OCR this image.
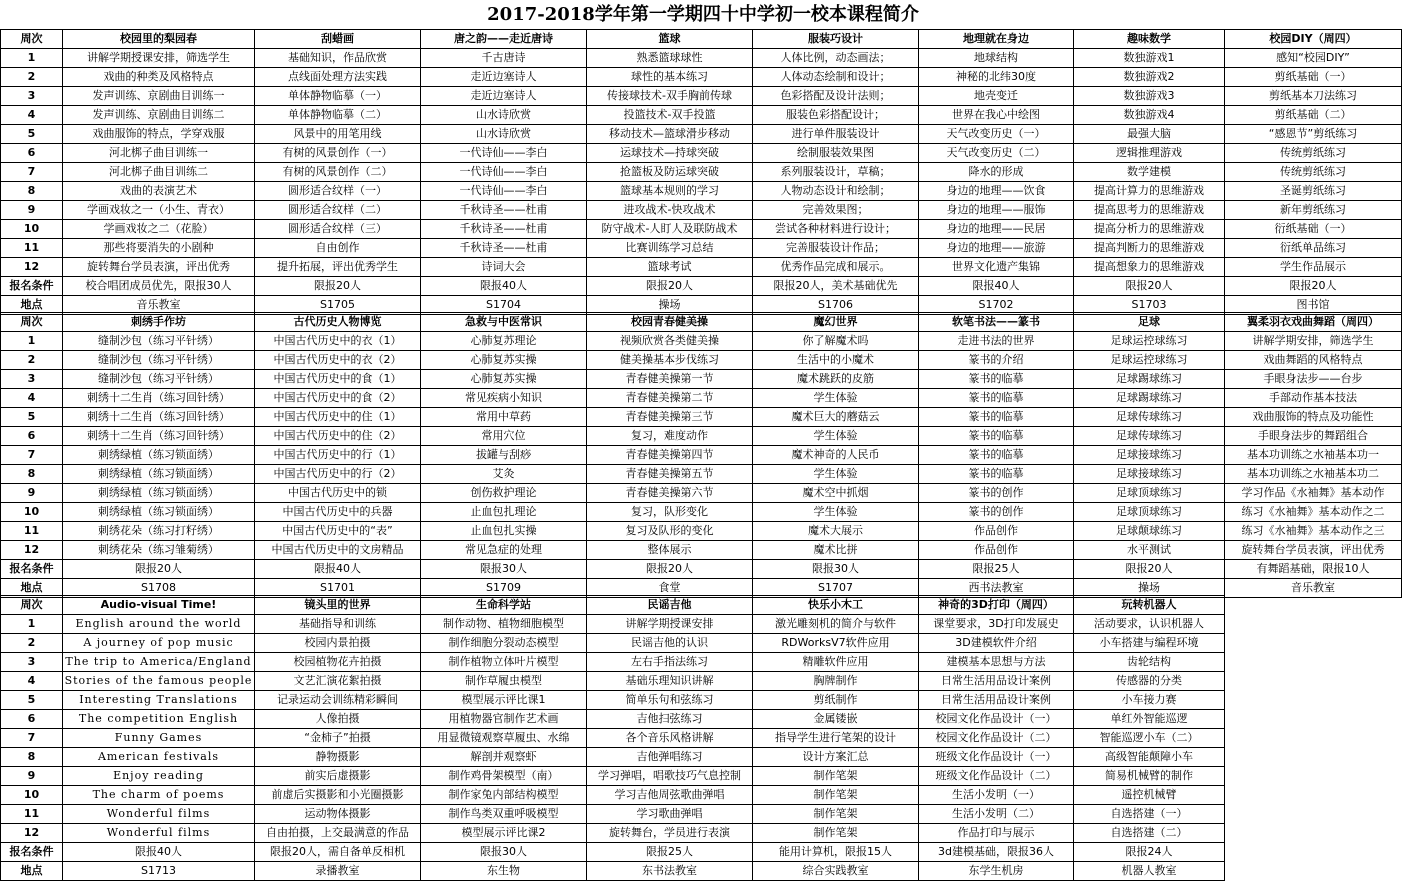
2017-2018学年第一学期四十中学初一校本课程简介
周次	校园里的梨园春	刮蜡画	唐之韵——走近唐诗	篮球	服装巧设计	地理就在身边	趣味数学	校园DIY（周四）
1	讲解学期授课安排，筛选学生	基础知识，作品欣赏	千古唐诗	熟悉篮球球性	人体比例，动态画法；	地球结构	数独游戏1	感知“校园DIY”
2	戏曲的种类及风格特点	点线面处理方法实践	走近边塞诗人	球性的基本练习	人体动态绘制和设计；	神秘的北纬30度	数独游戏2	剪纸基础（一）
3	发声训练、京剧曲目训练一	单体静物临摹（一）	走近边塞诗人	传接球技术-双手胸前传球	色彩搭配及设计法则；	地壳变迁	数独游戏3	剪纸基本刀法练习
4	发声训练、京剧曲目训练二	单体静物临摹（二）	山水诗欣赏	投篮技术-双手投篮	服装色彩搭配设计；	世界在我心中绘图	数独游戏4	剪纸基础（二）
5	戏曲服饰的特点，学穿戏服	风景中的用笔用线	山水诗欣赏	移动技术—篮球滑步移动	进行单件服装设计	天气改变历史（一）	最强大脑	“感恩节”剪纸练习
6	河北梆子曲目训练一	有树的风景创作（一）	一代诗仙——李白	运球技术—持球突破	绘制服装效果图	天气改变历史（二）	逻辑推理游戏	传统剪纸练习
7	河北梆子曲目训练二	有树的风景创作（二）	一代诗仙——李白	抢篮板及防运球突破	系列服装设计，草稿；	降水的形成	数学建模	传统剪纸练习
8	戏曲的表演艺术	圆形适合纹样（一）	一代诗仙——李白	篮球基本规则的学习	人物动态设计和绘制；	身边的地理——饮食	提高计算力的思维游戏	圣诞剪纸练习
9	学画戏妆之一（小生、青衣）	圆形适合纹样（二）	千秋诗圣——杜甫	进攻战术-快攻战术	完善效果图；	身边的地理——服饰	提高思考力的思维游戏	新年剪纸练习
10	学画戏妆之二（花脸）	圆形适合纹样（三）	千秋诗圣——杜甫	防守战术-人盯人及联防战术	尝试各种材料进行设计；	身边的地理——民居	提高分析力的思维游戏	衍纸基础（一）
11	那些将要消失的小剧种	自由创作	千秋诗圣——杜甫	比赛训练学习总结	完善服装设计作品；	身边的地理——旅游	提高判断力的思维游戏	衍纸单品练习
12	旋转舞台学员表演，评出优秀	提升拓展，评出优秀学生	诗词大会	篮球考试	优秀作品完成和展示。	世界文化遗产集锦	提高想象力的思维游戏	学生作品展示
报名条件	校合唱团成员优先，限报30人	限报20人	限报40人	限报20人	限报20人，美术基础优先	限报40人	限报20人	限报20人
地点	音乐教室	S1705	S1704	操场	S1706	S1702	S1703	图书馆
周次	刺绣手作坊	古代历史人物博览	急救与中医常识	校园青春健美操	魔幻世界	软笔书法——篆书	足球	翼柔羽衣戏曲舞蹈（周四）
1	缝制沙包（练习平针绣）	中国古代历史中的衣（1）	心肺复苏理论	视频欣赏各类健美操	你了解魔术吗	走进书法的世界	足球运控球练习	讲解学期安排，筛选学生
2	缝制沙包（练习平针绣）	中国古代历史中的衣（2）	心肺复苏实操	健美操基本步伐练习	生活中的小魔术	篆书的介绍	足球运控球练习	戏曲舞蹈的风格特点
3	缝制沙包（练习平针绣）	中国古代历史中的食（1）	心肺复苏实操	青春健美操第一节	魔术跳跃的皮筋	篆书的临摹	足球踢球练习	手眼身法步——台步
4	刺绣十二生肖（练习回针绣）	中国古代历史中的食（2）	常见疾病小知识	青春健美操第二节	学生体验	篆书的临摹	足球踢球练习	手部动作基本技法
5	刺绣十二生肖（练习回针绣）	中国古代历史中的住（1）	常用中草药	青春健美操第三节	魔术巨大的蘑菇云	篆书的临摹	足球传球练习	戏曲服饰的特点及功能性
6	刺绣十二生肖（练习回针绣）	中国古代历史中的住（2）	常用穴位	复习，难度动作	学生体验	篆书的临摹	足球传球练习	手眼身法步的舞蹈组合
7	刺绣绿植（练习锁面绣）	中国古代历史中的行（1）	拔罐与刮痧	青春健美操第四节	魔术神奇的人民币	篆书的临摹	足球接球练习	基本功训练之水袖基本功一
8	刺绣绿植（练习锁面绣）	中国古代历史中的行（2）	艾灸	青春健美操第五节	学生体验	篆书的临摹	足球接球练习	基本功训练之水袖基本功二
9	刺绣绿植（练习锁面绣）	中国古代历史中的锁	创伤救护理论	青春健美操第六节	魔术空中抓烟	篆书的创作	足球顶球练习	学习作品《水袖舞》基本动作
10	刺绣绿植（练习锁面绣）	中国古代历史中的兵器	止血包扎理论	复习，队形变化	学生体验	篆书的创作	足球顶球练习	练习《水袖舞》基本动作之二
11	刺绣花朵（练习打籽绣）	中国古代历史中的“表”	止血包扎实操	复习及队形的变化	魔术大展示	作品创作	足球颠球练习	练习《水袖舞》基本动作之三
12	刺绣花朵（练习雏菊绣）	中国古代历史中的文房精品	常见急症的处理	整体展示	魔术比拼	作品创作	水平测试	旋转舞台学员表演，评出优秀
报名条件	限报20人	限报40人	限报30人	限报20人	限报30人	限报25人	限报20人	有舞蹈基础，限报10人
地点	S1708	S1701	S1709	食堂	S1707	西书法教室	操场	音乐教室
周次	Audio-visual Time!	镜头里的世界	生命科学站	民谣吉他	快乐小木工	神奇的3D打印（周四）	玩转机器人	
1	English around the world	基础指导和训练	制作动物、植物细胞模型	讲解学期授课安排	激光雕刻机的简介与软件	课堂要求，3D打印发展史	活动要求，认识机器人	
2	A journey of pop music	校园内景拍摄	制作细胞分裂动态模型	民谣吉他的认识	RDWorksV7软件应用	3D建模软件介绍	小车搭建与编程环境	
3	The trip to America/England	校园植物花卉拍摄	制作植物立体叶片模型	左右手指法练习	精雕软件应用	建模基本思想与方法	齿轮结构	
4	Stories of the famous people	文艺汇演花絮拍摄	制作草履虫模型	基础乐理知识讲解	胸牌制作	日常生活用品设计案例	传感器的分类	
5	Interesting Translations	记录运动会训练精彩瞬间	模型展示评比课1	简单乐句和弦练习	剪纸制作	日常生活用品设计案例	小车接力赛	
6	The competition English	人像拍摄	用植物器官制作艺术画	吉他扫弦练习	金属镂嵌	校园文化作品设计（一）	单红外智能巡逻	
7	Funny Games	“金柿子”拍摄	用显微镜观察草履虫、水绵	各个音乐风格讲解	指导学生进行笔架的设计	校园文化作品设计（二）	智能巡逻小车（二）	
8	American festivals	静物摄影	解剖并观察虾	吉他弹唱练习	设计方案汇总	班级文化作品设计（一）	高级智能颠障小车	
9	Enjoy reading	前实后虚摄影	制作鸡骨架模型（南）	学习弹唱，唱歌技巧气息控制	制作笔架	班级文化作品设计（二）	简易机械臂的制作	
10	The charm of poems	前虚后实摄影和小光圈摄影	制作家兔内部结构模型	学习吉他周弦歌曲弹唱	制作笔架	生活小发明（一）	遥控机械臂	
11	Wonderful films	运动物体摄影	制作鸟类双重呼吸模型	学习歌曲弹唱	制作笔架	生活小发明（二）	自选搭建（一）	
12	Wonderful films	自由拍摄，上交最满意的作品	模型展示评比课2	旋转舞台，学员进行表演	制作笔架	作品打印与展示	自选搭建（二）	
报名条件	限报40人	限报20人，需自备单反相机	限报30人	限报25人	能用计算机，限报15人	3d建模基础，限报36人	限报24人	
地点	S1713	录播教室	东生物	东书法教室	综合实践教室	东学生机房	机器人教室	
